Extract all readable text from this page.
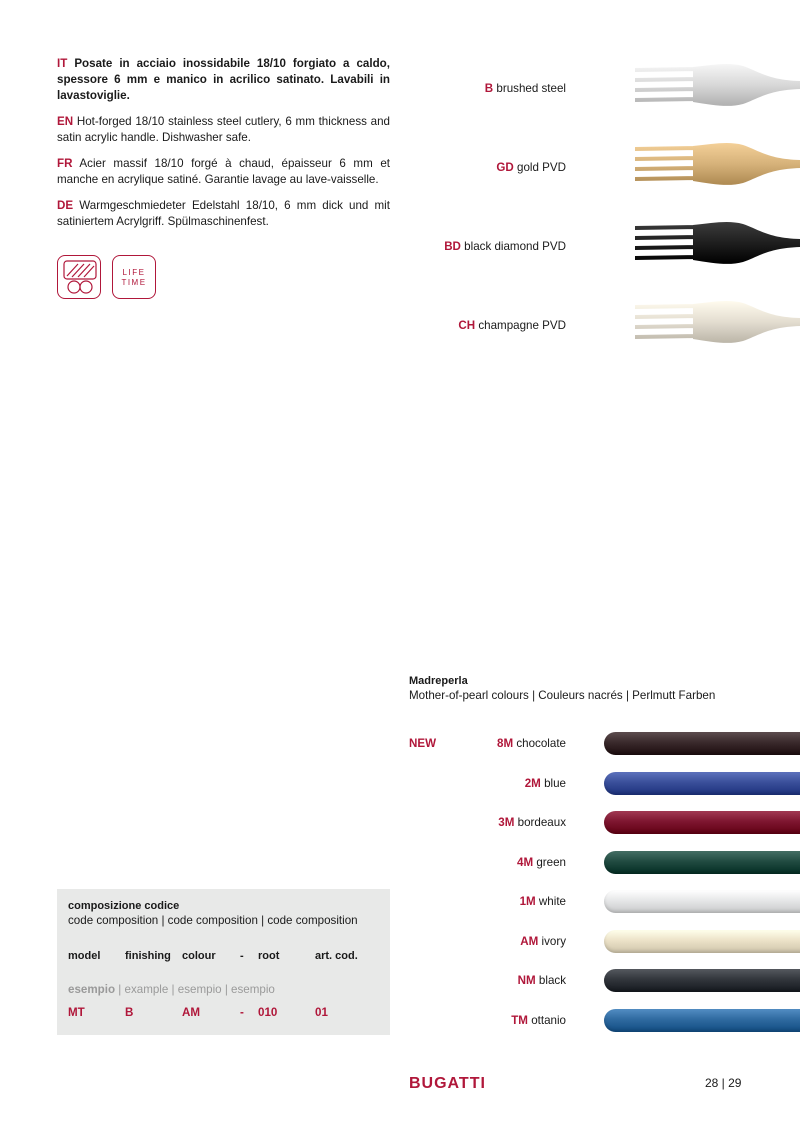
IT Posate in acciaio inossidabile 18/10 forgiato a caldo, spessore 6 mm e manico in acrilico satinato. Lavabili in lavastoviglie.

EN Hot-forged 18/10 stainless steel cutlery, 6 mm thickness and satin acrylic handle. Dishwasher safe.

FR Acier massif 18/10 forgé à chaud, épaisseur 6 mm et manche en acrylique satiné. Garantie lavage au lave-vaisselle.

DE Warmgeschmiedeter Edelstahl 18/10, 6 mm dick und mit satiniertem Acrylgriff. Spülmaschinenfest.

LIFE
TIME
B brushed steel
GD gold PVD
BD black diamond PVD
CH champagne PVD
Madreperla
Mother-of-pearl colours | Couleurs nacrés | Perlmutt Farben
NEW	8M chocolate
2M blue
3M bordeaux
4M green
1M white
AM ivory
NM black
TM ottanio
composizione codice
code composition | code composition | code composition
model finishing colour - root	art. cod.
esempio | example | esempio | esempio
MT	B	AM	- 010	01
BUGATTI	28 | 29
